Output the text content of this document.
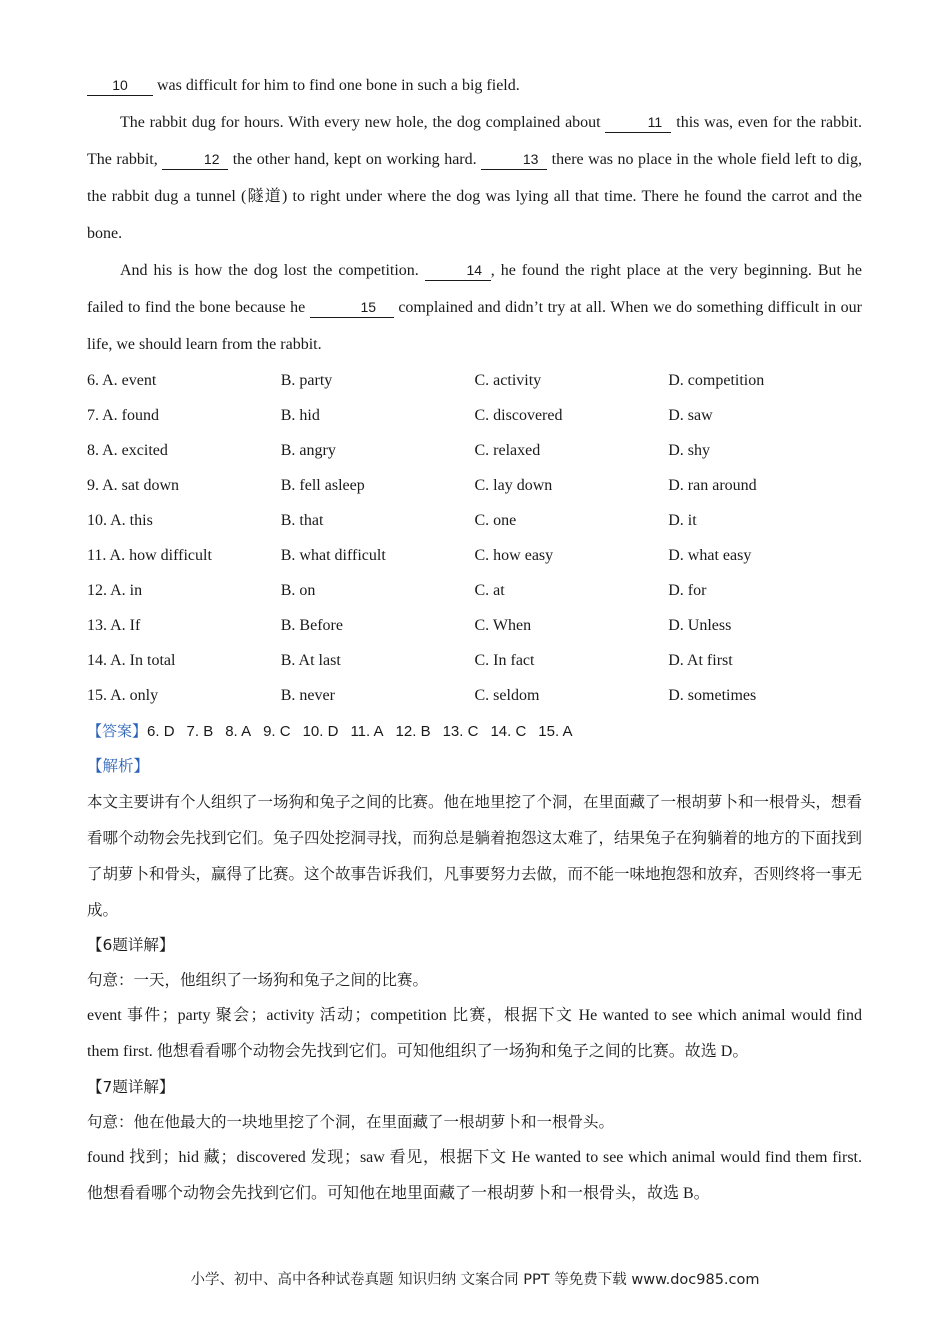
10 was difficult for him to find one bone in such a big field.

The rabbit dug for hours. With every new hole, the dog complained about	11 this was, even for the rabbit. The rabbit,	12 the other hand, kept on working hard.	13 there was no place in the whole field left to dig, the rabbit dug a tunnel (隧道) to right under where the dog was lying all that time. There he found the carrot and the bone.

And his is how the dog lost the competition.	14 , he found the right place at the very beginning. But he failed to find the bone because he	15 complained and didn’t try at all. When we do something difficult in our life, we should learn from the rabbit.

6. A. event	B. party	C. activity	D. competition
7. A. found	B. hid	C. discovered	D. saw
8. A. excited	B. angry	C. relaxed	D. shy
9. A. sat down	B. fell asleep	C. lay down	D. ran around
10. A. this	B. that	C. one	D. it
11. A. how difficult	B. what difficult	C. how easy	D. what easy
12. A. in	B. on	C. at	D. for
13. A. If	B. Before	C. When	D. Unless
14. A. In total	B. At last	C. In fact	D. At first
15. A. only	B. never	C. seldom	D. sometimes
【答案】6. D 7. B 8. A 9. C 10. D 11. A 12. B 13. C 14. C 15. A
【解析】

本文主要讲有个人组织了一场狗和兔子之间的比赛。他在地里挖了个洞，在里面藏了一根胡萝卜和一根骨头，想看看哪个动物会先找到它们。兔子四处挖洞寻找，而狗总是躺着抱怨这太难了，结果兔子在狗躺着的地方的下面找到了胡萝卜和骨头，赢得了比赛。这个故事告诉我们，凡事要努力去做，而不能一味地抱怨和放弃，否则终将一事无成。

【6题详解】
句意：一天，他组织了一场狗和兔子之间的比赛。

event 事件；party 聚会；activity 活动；competition 比赛，根据下文 He wanted to see which animal would find them first. 他想看看哪个动物会先找到它们。可知他组织了一场狗和兔子之间的比赛。故选 D。

【7题详解】
句意：他在他最大的一块地里挖了个洞，在里面藏了一根胡萝卜和一根骨头。

found 找到；hid 藏；discovered 发现；saw 看见，根据下文 He wanted to see which animal would find them first. 他想看看哪个动物会先找到它们。可知他在地里面藏了一根胡萝卜和一根骨头，故选 B。

小学、初中、高中各种试卷真题 知识归纳 文案合同 PPT 等免费下载 www.doc985.com
